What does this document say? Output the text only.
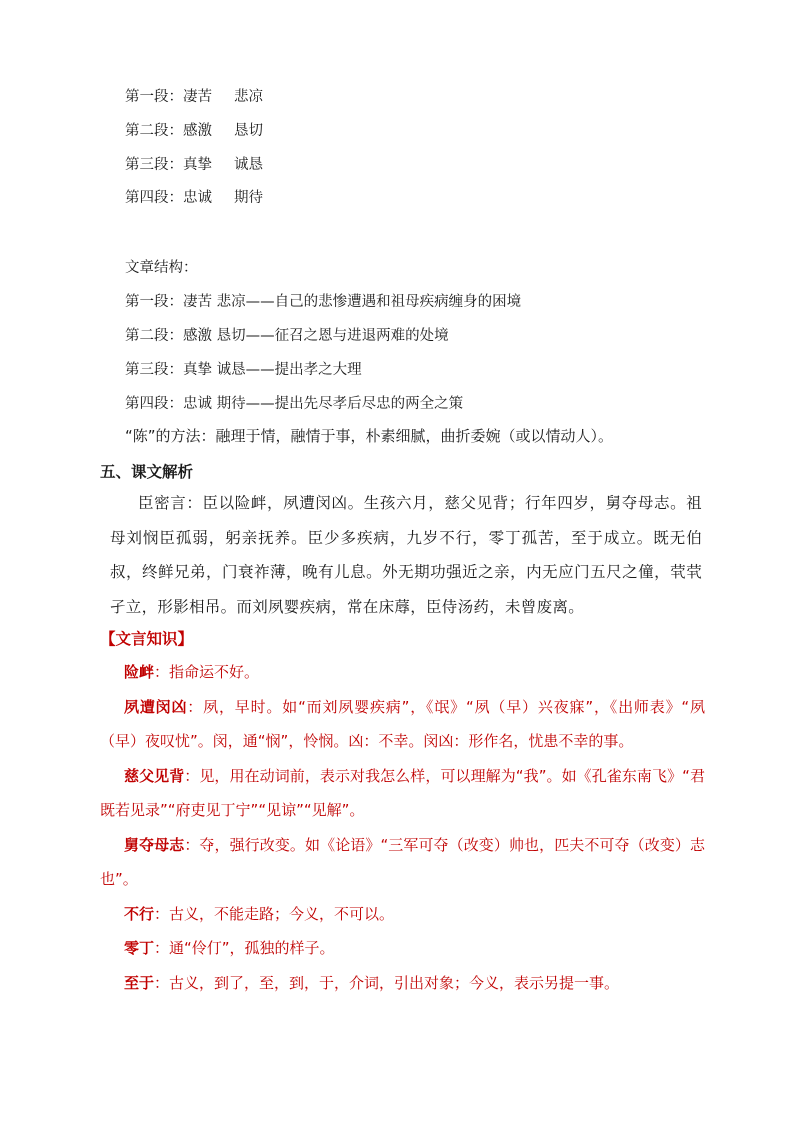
第一段：凄苦 悲凉
第二段：感激 恳切
第三段：真挚 诚恳
第四段：忠诚 期待
文章结构：
第一段：凄苦 悲凉——自己的悲惨遭遇和祖母疾病缠身的困境
第二段：感激 恳切——征召之恩与进退两难的处境
第三段：真挚 诚恳——提出孝之大理
第四段：忠诚 期待——提出先尽孝后尽忠的两全之策
“陈”的方法：融理于情，融情于事，朴素细腻，曲折委婉（或以情动人）。
五、课文解析

臣密言：臣以险衅，夙遭闵凶。生孩六月，慈父见背；行年四岁，舅夺母志。祖母刘悯臣孤弱，躬亲抚养。臣少多疾病，九岁不行，零丁孤苦，至于成立。既无伯叔，终鲜兄弟，门衰祚薄，晚有儿息。外无期功强近之亲，内无应门五尺之僮，茕茕孑立，形影相吊。而刘夙婴疾病，常在床蓐，臣侍汤药，未曾废离。

【文言知识】

险衅：指命运不好。

夙遭闵凶：夙，早时。如“而刘夙婴疾病”，《氓》“夙（早）兴夜寐”，《出师表》“夙（早）夜叹忧”。闵，通“悯”，怜悯。凶：不幸。闵凶：形作名，忧患不幸的事。

慈父见背：见，用在动词前，表示对我怎么样，可以理解为“我”。如《孔雀东南飞》“君既若见录”“府吏见丁宁”“见谅”“见解”。

舅夺母志：夺，强行改变。如《论语》“三军可夺（改变）帅也，匹夫不可夺（改变）志也”。

不行：古义，不能走路；今义，不可以。

零丁：通“伶仃”，孤独的样子。

至于：古义，到了，至，到，于，介词，引出对象；今义，表示另提一事。
